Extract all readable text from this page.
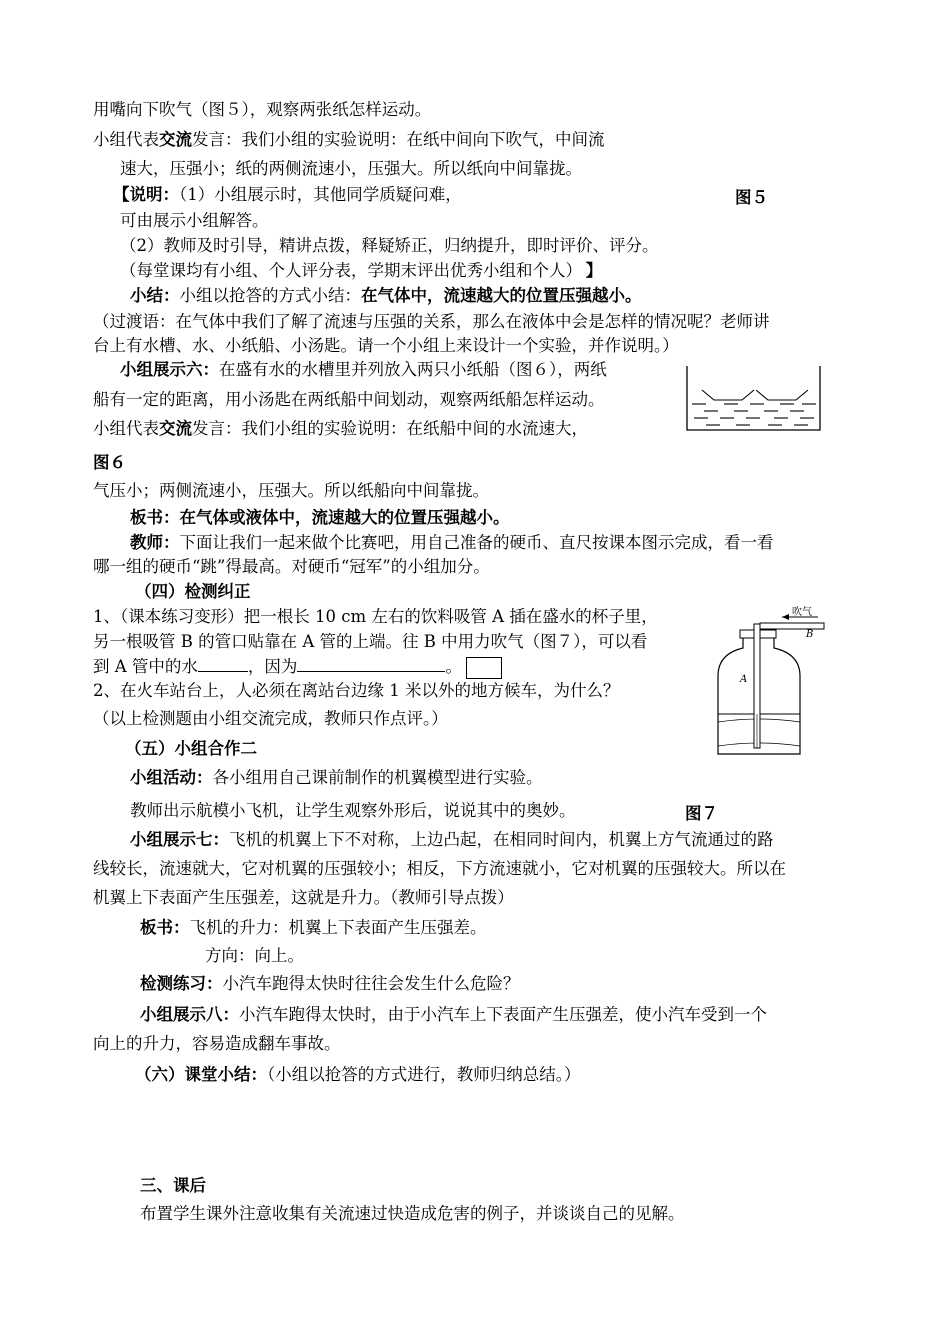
用嘴向下吹气（图５），观察两张纸怎样运动。
小组代表交流发言：我们小组的实验说明：在纸中间向下吹气，中间流
速大，压强小；纸的两侧流速小，压强大。所以纸向中间靠拢。
【说明：（1）小组展示时，其他同学质疑问难，	图５
可由展示小组解答。
（2）教师及时引导，精讲点拨，释疑矫正，归纳提升，即时评价、评分。
（每堂课均有小组、个人评分表，学期末评出优秀小组和个人） 】
小结：小组以抢答的方式小结：在气体中，流速越大的位置压强越小。
（过渡语：在气体中我们了解了流速与压强的关系，那么在液体中会是怎样的情况呢？老师讲
台上有水槽、水、小纸船、小汤匙。请一个小组上来设计一个实验，并作说明。）
小组展示六：在盛有水的水槽里并列放入两只小纸船（图６），两纸
船有一定的距离，用小汤匙在两纸船中间划动，观察两纸船怎样运动。
小组代表交流发言：我们小组的实验说明：在纸船中间的水流速大，
图６
气压小；两侧流速小，压强大。所以纸船向中间靠拢。
板书：在气体或液体中，流速越大的位置压强越小。
教师：下面让我们一起来做个比赛吧，用自己准备的硬币、直尺按课本图示完成，看一看
哪一组的硬币“跳”得最高。对硬币“冠军”的小组加分。
（四）检测纠正
1、（课本练习变形）把一根长 10 cm 左右的饮料吸管 A 插在盛水的杯子里，
另一根吸管 B 的管口贴靠在 A 管的上端。往 B 中用力吹气（图７），可以看
到 A 管中的水	，因为	。
2、在火车站台上，人必须在离站台边缘 1 米以外的地方候车，为什么？
（以上检测题由小组交流完成，教师只作点评。）
（五）小组合作二
小组活动：各小组用自己课前制作的机翼模型进行实验。
教师出示航模小飞机，让学生观察外形后，说说其中的奥妙。	图７
小组展示七：飞机的机翼上下不对称，上边凸起，在相同时间内，机翼上方气流通过的路
线较长，流速就大，它对机翼的压强较小；相反，下方流速就小，它对机翼的压强较大。所以在
机翼上下表面产生压强差，这就是升力。（教师引导点拨）
板书：飞机的升力：机翼上下表面产生压强差。
方向：向上。
检测练习：小汽车跑得太快时往往会发生什么危险？
小组展示八：小汽车跑得太快时，由于小汽车上下表面产生压强差，使小汽车受到一个
向上的升力，容易造成翻车事故。
（六）课堂小结：（小组以抢答的方式进行，教师归纳总结。）
三、课后
布置学生课外注意收集有关流速过快造成危害的例子，并谈谈自己的见解。
吹气
B
A
